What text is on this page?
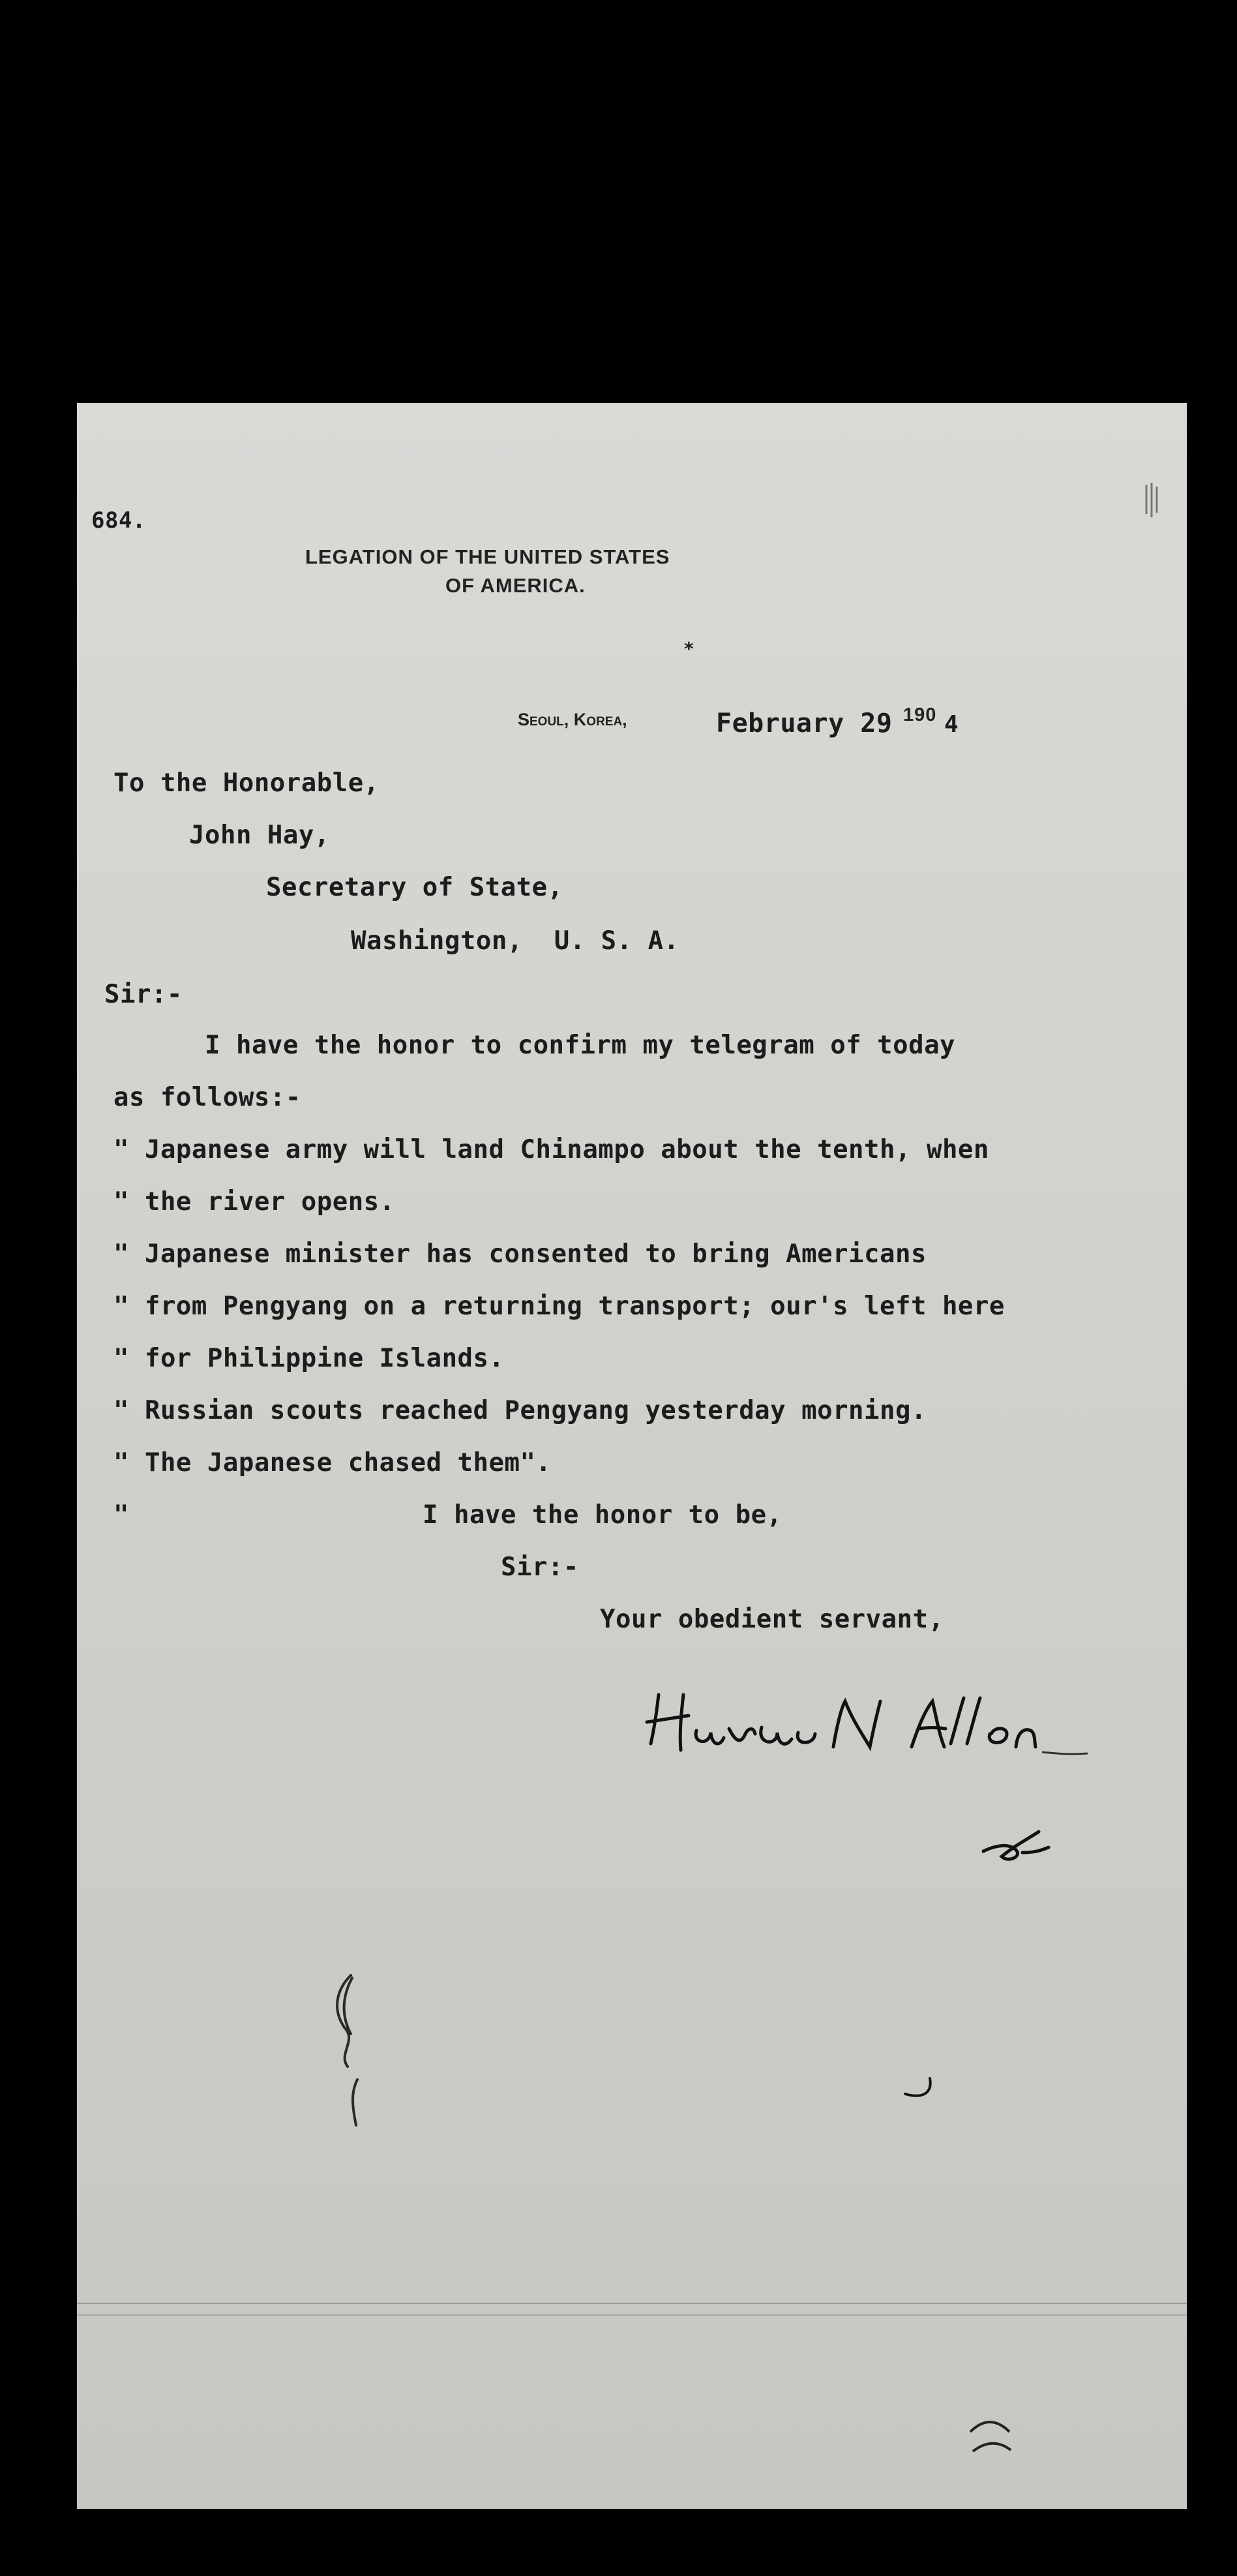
684.
LEGATION OF THE UNITED STATES
OF AMERICA.
*
Seoul, Korea,	February 29 190 4
To the Honorable,
John Hay,
Secretary of State,
Washington,  U. S. A.
Sir:-
I have the honor to confirm my telegram of today
as follows:-
" Japanese army will land Chinampo about the tenth, when
" the river opens.
" Japanese minister has consented to bring Americans
" from Pengyang on a returning transport; our's left here
" for Philippine Islands.
" Russian scouts reached Pengyang yesterday morning.
" The Japanese chased them".
"	I have the honor to be,
Sir:-
Your obedient servant,
